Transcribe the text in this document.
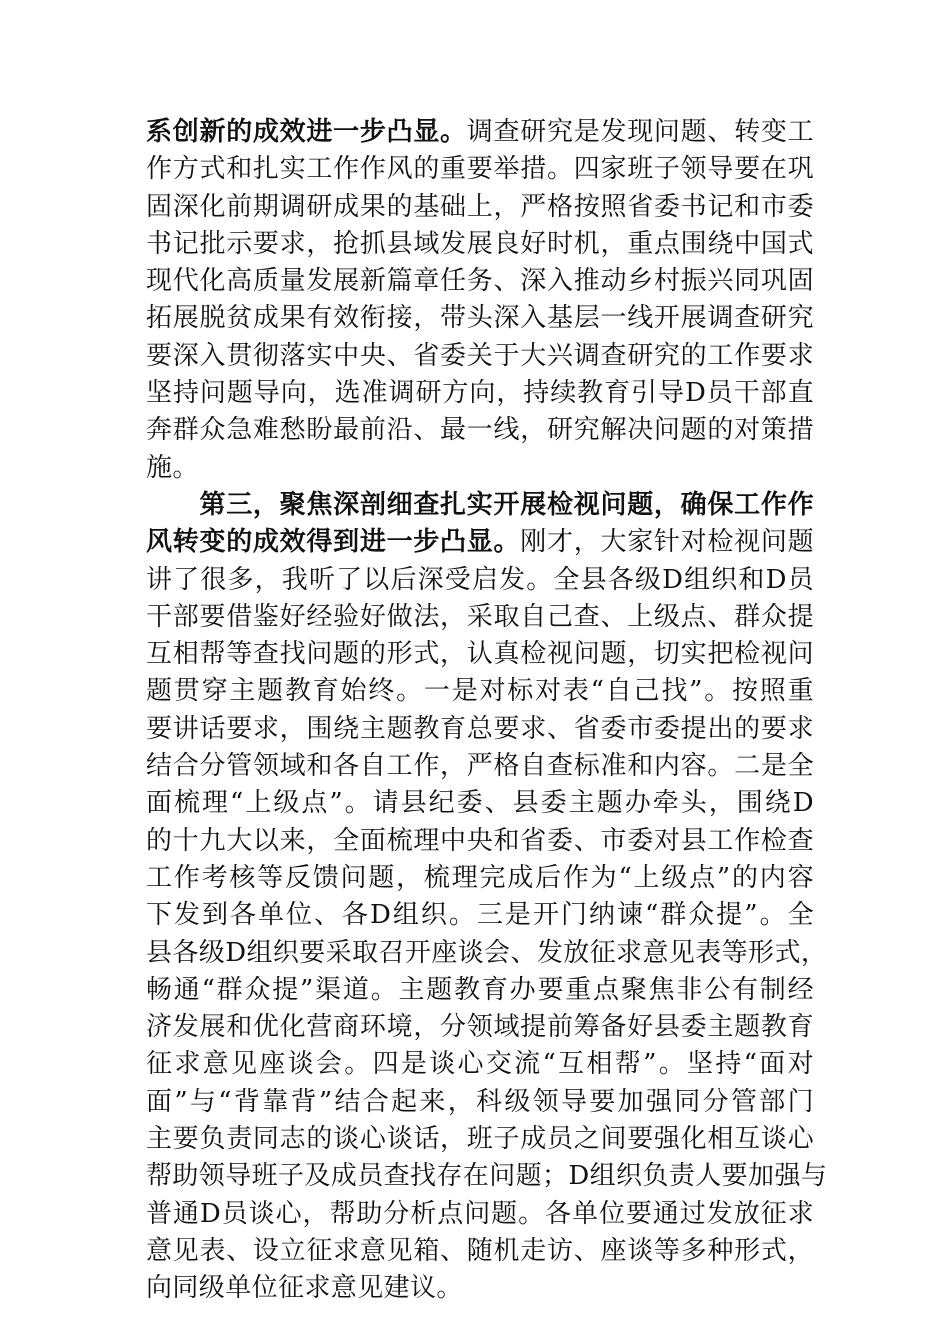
系创新的成效进一步凸显。调查研究是发现问题、转变工
作方式和扎实工作作风的重要举措。四家班子领导要在巩
固深化前期调研成果的基础上，严格按照省委书记和市委
书记批示要求，抢抓县域发展良好时机，重点围绕中国式
现代化高质量发展新篇章任务、深入推动乡村振兴同巩固
拓展脱贫成果有效衔接，带头深入基层一线开展调查研究
要深入贯彻落实中央、省委关于大兴调查研究的工作要求
坚持问题导向，选准调研方向，持续教育引导D员干部直
奔群众急难愁盼最前沿、最一线，研究解决问题的对策措
施。
　　第三，聚焦深剖细查扎实开展检视问题，确保工作作
风转变的成效得到进一步凸显。刚才，大家针对检视问题
讲了很多，我听了以后深受启发。全县各级D组织和D员
干部要借鉴好经验好做法，采取自己查、上级点、群众提
互相帮等查找问题的形式，认真检视问题，切实把检视问
题贯穿主题教育始终。一是对标对表“自己找”。按照重
要讲话要求，围绕主题教育总要求、省委市委提出的要求
结合分管领域和各自工作，严格自查标准和内容。二是全
面梳理“上级点”。请县纪委、县委主题办牵头，围绕D
的十九大以来，全面梳理中央和省委、市委对县工作检查
工作考核等反馈问题，梳理完成后作为“上级点”的内容
下发到各单位、各D组织。三是开门纳谏“群众提”。全
县各级D组织要采取召开座谈会、发放征求意见表等形式，
畅通“群众提”渠道。主题教育办要重点聚焦非公有制经
济发展和优化营商环境，分领域提前筹备好县委主题教育
征求意见座谈会。四是谈心交流“互相帮”。坚持“面对
面”与“背靠背”结合起来，科级领导要加强同分管部门
主要负责同志的谈心谈话，班子成员之间要强化相互谈心
帮助领导班子及成员查找存在问题；D组织负责人要加强与
普通D员谈心，帮助分析点问题。各单位要通过发放征求
意见表、设立征求意见箱、随机走访、座谈等多种形式，
向同级单位征求意见建议。
